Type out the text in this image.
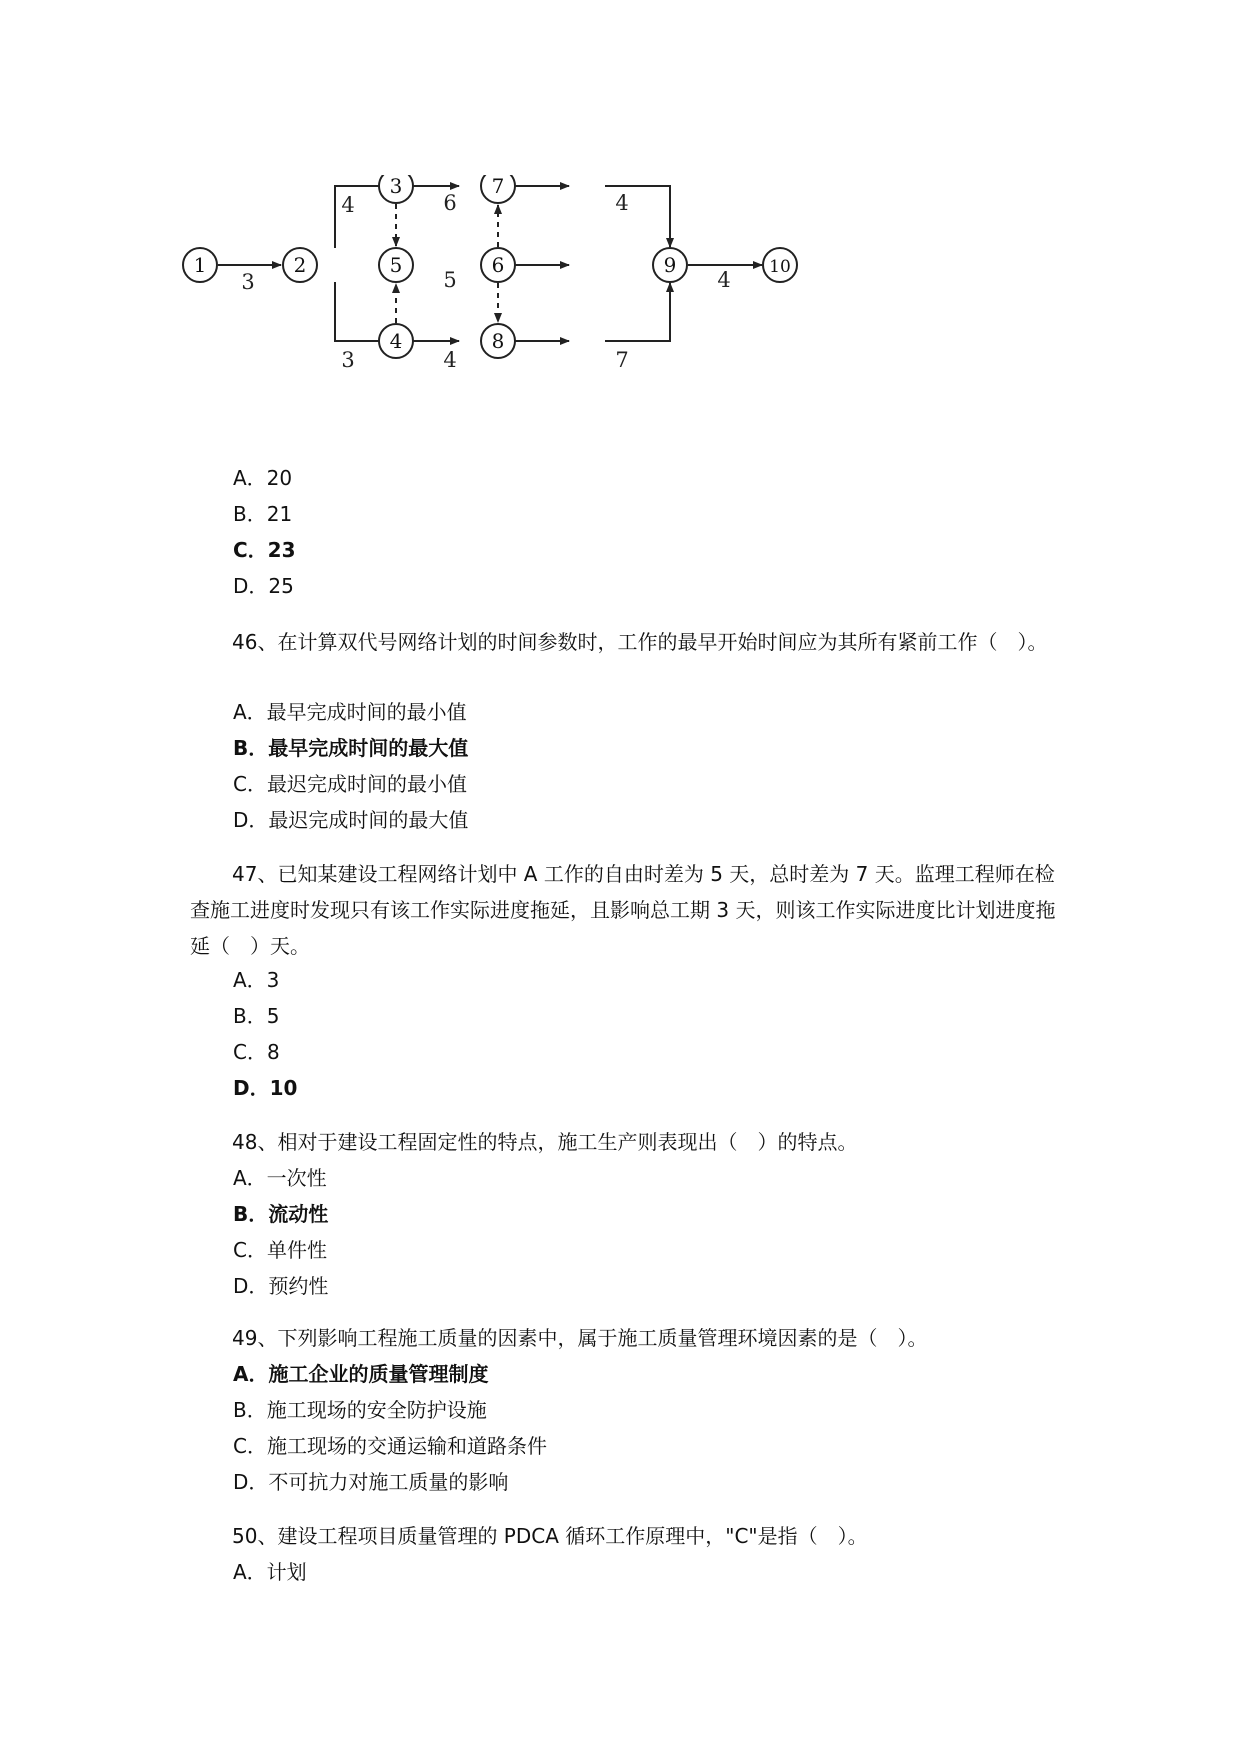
1	2
3
4
5	6
7
8
9	10
3
4
3
6
5
4
4
7
4
A．20
B．21
C．23
D．25

46、在计算双代号网络计划的时间参数时，工作的最早开始时间应为其所有紧前工作（　）。

A．最早完成时间的最小值
B．最早完成时间的最大值
C．最迟完成时间的最小值
D．最迟完成时间的最大值

47、已知某建设工程网络计划中 A 工作的自由时差为 5 天，总时差为 7 天。监理工程师在检查施工进度时发现只有该工作实际进度拖延，且影响总工期 3 天，则该工作实际进度比计划进度拖延（　）天。

A．3
B．5
C．8
D．10

48、相对于建设工程固定性的特点，施工生产则表现出（　）的特点。

A．一次性
B．流动性
C．单件性
D．预约性

49、下列影响工程施工质量的因素中，属于施工质量管理环境因素的是（　）。

A．施工企业的质量管理制度
B．施工现场的安全防护设施
C．施工现场的交通运输和道路条件
D．不可抗力对施工质量的影响

50、建设工程项目质量管理的 PDCA 循环工作原理中，"C"是指（　）。

A．计划
